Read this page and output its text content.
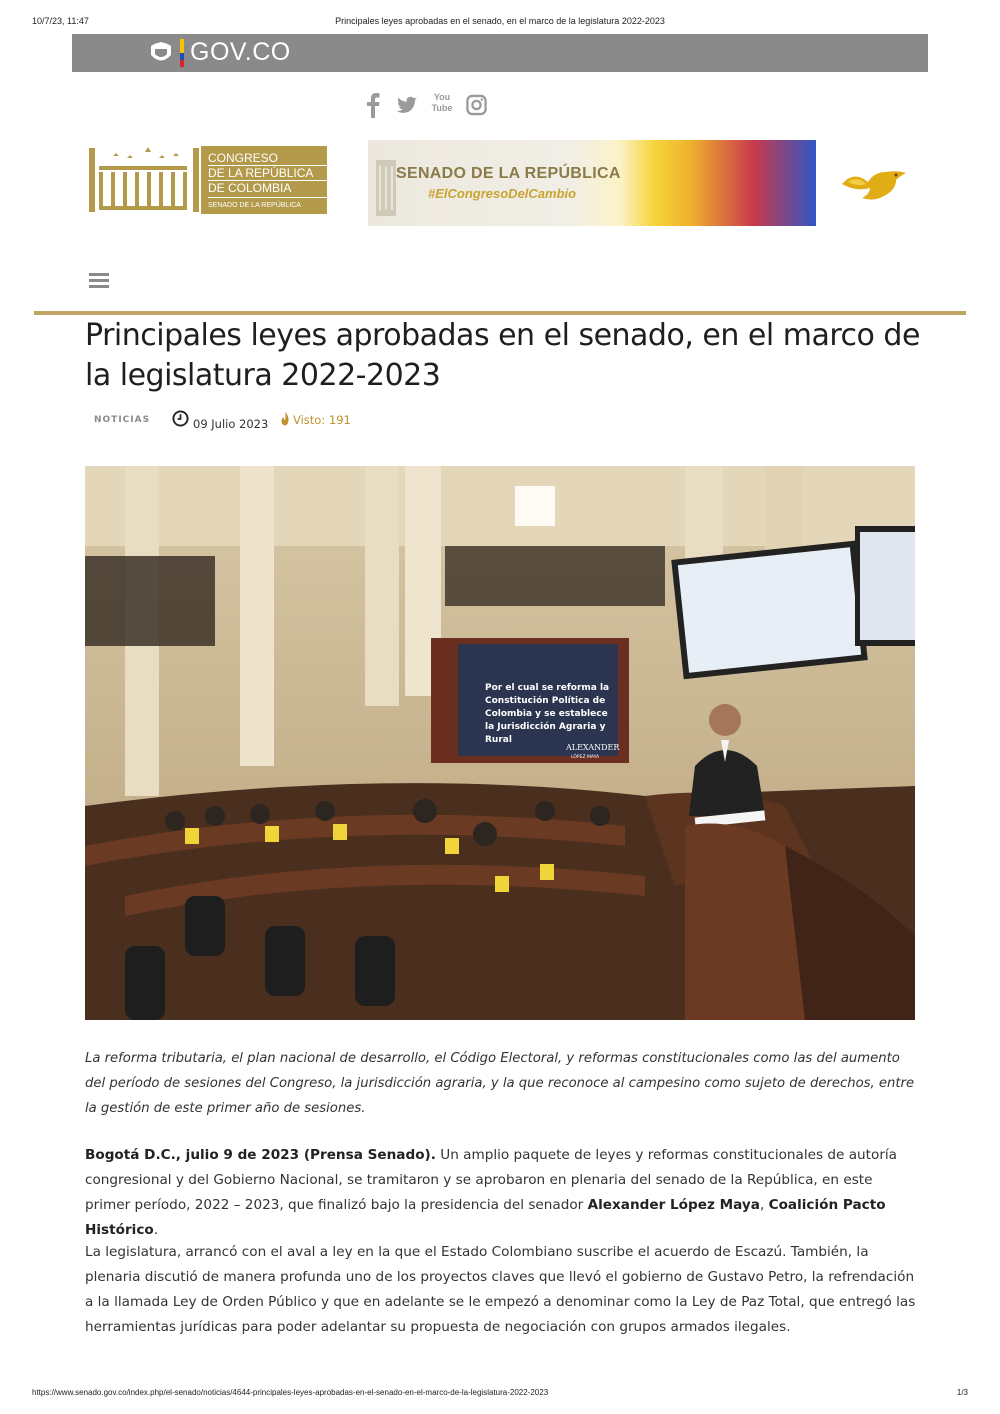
10/7/23, 11:47	Principales leyes aprobadas en el senado, en el marco de la legislatura 2022-2023
GOV.CO
You Tube
CONGRESO
DE LA REPÚBLICA
DE COLOMBIA
SENADO DE LA REPÚBLICA
SENADO DE LA REPÚBLICA
#ElCongresoDelCambio
Principales leyes aprobadas en el senado, en el marco de la legislatura 2022-2023
NOTICIAS	09 Julio 2023 Visto: 191
Por el cual se reforma la
Constitución Política de
Colombia y se establece
la Jurisdicción Agraria y
Rural
ALEXANDER
LÓPEZ MAYA

La reforma tributaria, el plan nacional de desarrollo, el Código Electoral, y reformas constitucionales como las del aumento del período de sesiones del Congreso, la jurisdicción agraria, y la que reconoce al campesino como sujeto de derechos, entre la gestión de este primer año de sesiones.

Bogotá D.C., julio 9 de 2023 (Prensa Senado). Un amplio paquete de leyes y reformas constitucionales de autoría congresional y del Gobierno Nacional, se tramitaron y se aprobaron en plenaria del senado de la República, en este primer período, 2022 – 2023, que finalizó bajo la presidencia del senador Alexander López Maya, Coalición Pacto Histórico.

La legislatura, arrancó con el aval a ley en la que el Estado Colombiano suscribe el acuerdo de Escazú. También, la plenaria discutió de manera profunda uno de los proyectos claves que llevó el gobierno de Gustavo Petro, la refrendación a la llamada Ley de Orden Público y que en adelante se le empezó a denominar como la Ley de Paz Total, que entregó las herramientas jurídicas para poder adelantar su propuesta de negociación con grupos armados ilegales.

https://www.senado.gov.co/index.php/el-senado/noticias/4644-principales-leyes-aprobadas-en-el-senado-en-el-marco-de-la-legislatura-2022-2023	1/3
